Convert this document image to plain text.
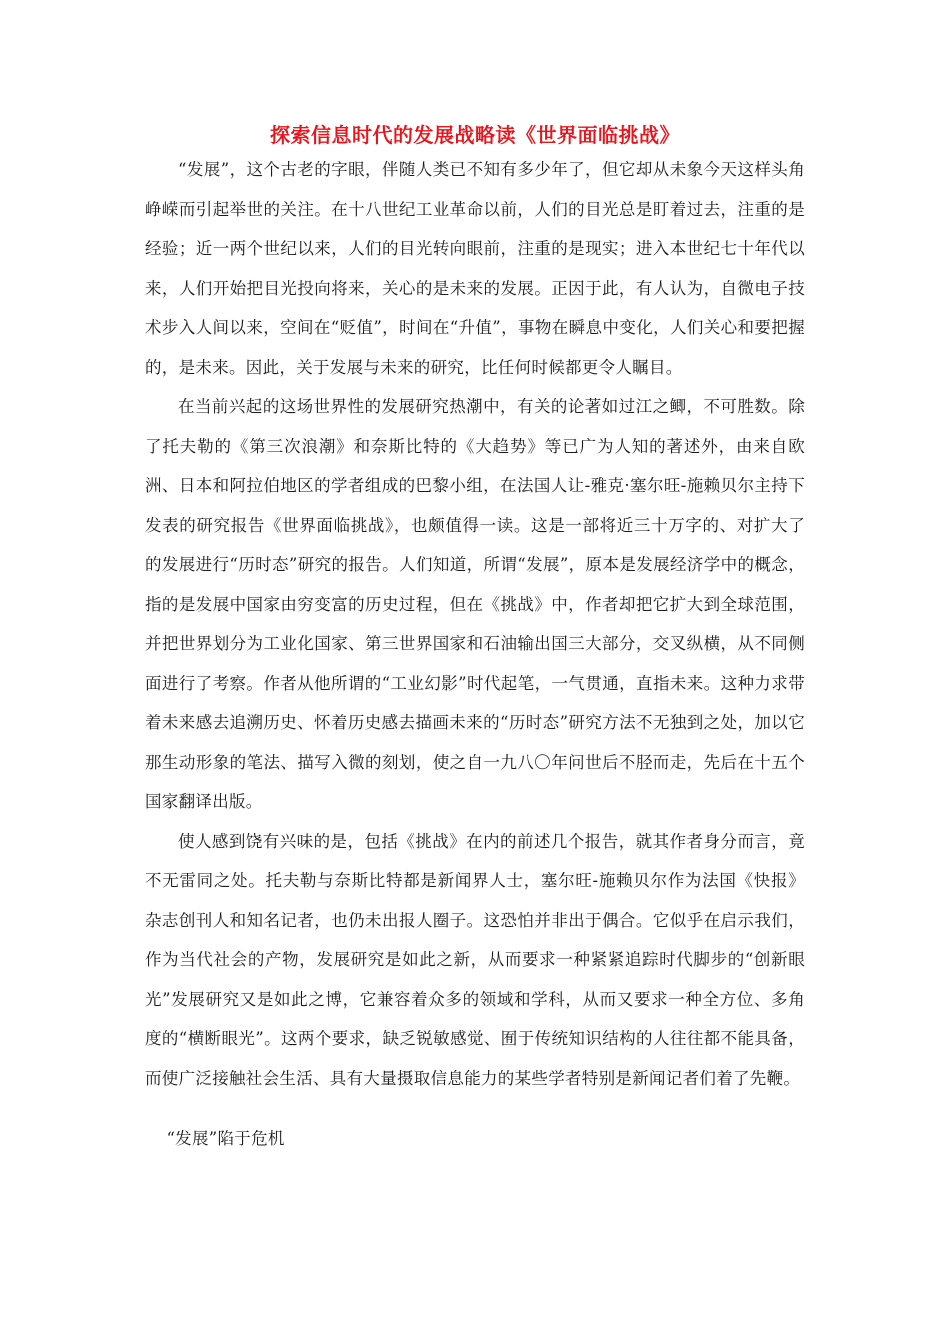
探索信息时代的发展战略读《世界面临挑战》

“发展”，这个古老的字眼，伴随人类已不知有多少年了，但它却从未象今天这样头角峥嵘而引起举世的关注。在十八世纪工业革命以前，人们的目光总是盯着过去，注重的是经验；近一两个世纪以来，人们的目光转向眼前，注重的是现实；进入本世纪七十年代以来，人们开始把目光投向将来，关心的是未来的发展。正因于此，有人认为，自微电子技术步入人间以来，空间在“贬值”，时间在“升值”，事物在瞬息中变化，人们关心和要把握的，是未来。因此，关于发展与未来的研究，比任何时候都更令人瞩目。

在当前兴起的这场世界性的发展研究热潮中，有关的论著如过江之鲫，不可胜数。除了托夫勒的《第三次浪潮》和奈斯比特的《大趋势》等已广为人知的著述外，由来自欧洲、日本和阿拉伯地区的学者组成的巴黎小组，在法国人让-雅克·塞尔旺-施赖贝尔主持下发表的研究报告《世界面临挑战》，也颇值得一读。这是一部将近三十万字的、对扩大了的发展进行“历时态”研究的报告。人们知道，所谓“发展”，原本是发展经济学中的概念，指的是发展中国家由穷变富的历史过程，但在《挑战》中，作者却把它扩大到全球范围，并把世界划分为工业化国家、第三世界国家和石油输出国三大部分，交叉纵横，从不同侧面进行了考察。作者从他所谓的“工业幻影”时代起笔，一气贯通，直指未来。这种力求带着未来感去追溯历史、怀着历史感去描画未来的“历时态”研究方法不无独到之处，加以它那生动形象的笔法、描写入微的刻划，使之自一九八〇年问世后不胫而走，先后在十五个国家翻译出版。

使人感到饶有兴味的是，包括《挑战》在内的前述几个报告，就其作者身分而言，竟不无雷同之处。托夫勒与奈斯比特都是新闻界人士，塞尔旺-施赖贝尔作为法国《快报》杂志创刊人和知名记者，也仍未出报人圈子。这恐怕并非出于偶合。它似乎在启示我们，作为当代社会的产物，发展研究是如此之新，从而要求一种紧紧追踪时代脚步的“创新眼光”发展研究又是如此之博，它兼容着众多的领域和学科，从而又要求一种全方位、多角度的“横断眼光”。这两个要求，缺乏锐敏感觉、囿于传统知识结构的人往往都不能具备，而使广泛接触社会生活、具有大量摄取信息能力的某些学者特别是新闻记者们着了先鞭。

“发展”陷于危机
